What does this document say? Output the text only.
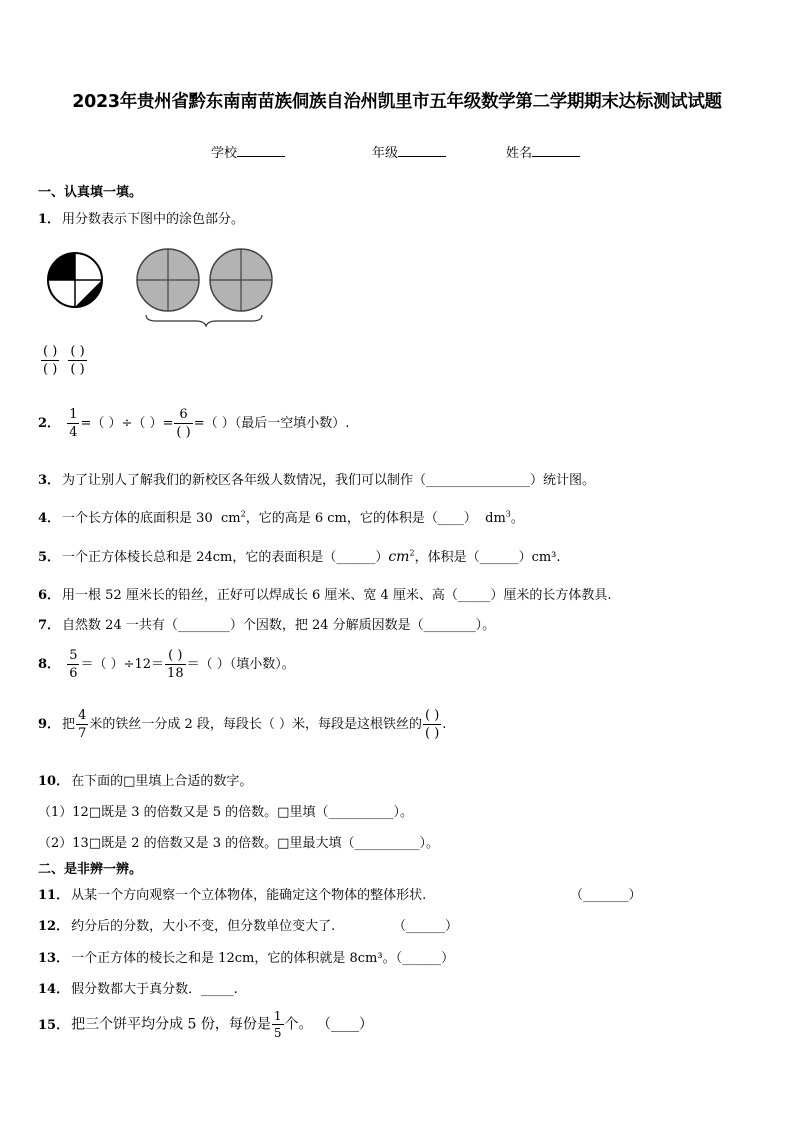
2023年贵州省黔东南南苗族侗族自治州凯里市五年级数学第二学期期末达标测试试题
学校	年级	姓名
一、认真填一填。
1． 用分数表示下图中的涂色部分。
$\frac{( )}{( )}$
$\frac{( )}{( )}$
2． $\frac{1}{4}$ =（ ）÷（ ）= $\frac{6}{( )}$ =（ ）（最后一空填小数）.
3． 为了让别人了解我们的新校区各年级人数情况，我们可以制作（________________）统计图。
4． 一个长方体的底面积是 30 $cm^2$，它的高是 6 cm，它的体积是（____） $dm^3$。
5． 一个正方体棱长总和是 24cm，它的表面积是$(\_\_\_\_\_\_)cm^2$，体积是（______）cm³.
6． 用一根 52 厘米长的铅丝，正好可以焊成长 6 厘米、宽 4 厘米、高（_____）厘米的长方体教具.
7． 自然数 24 一共有（________）个因数，把 24 分解质因数是（________）。
8． $\frac{5}{6}$ ＝（ ）$\div 12= \frac{( )}{18}$ ＝（ ）（填小数）。
9． 把 $\frac{4}{7}$ 米的铁丝一分成 2 段，每段长（ ）米，每段是这根铁丝的 $\frac{( )}{( )}$ .
10． 在下面的□里填上合适的数字。
（1）12□既是 3 的倍数又是 5 的倍数。□里填（__________）。
（2）13□既是 2 的倍数又是 3 的倍数。□里最大填（__________）。
二、是非辨一辨。
11． 从某一个方向观察一个立体物体，能确定这个物体的整体形状.	（_______）
12． 约分后的分数，大小不变，但分数单位变大了.	（______）
13． 一个正方体的棱长之和是 12cm，它的体积就是 8cm³。（______）
14． 假分数都大于真分数．_____.
15． 把三个饼平均分成 5 份，每份是 $\frac{1}{5}$ 个。 （____）
